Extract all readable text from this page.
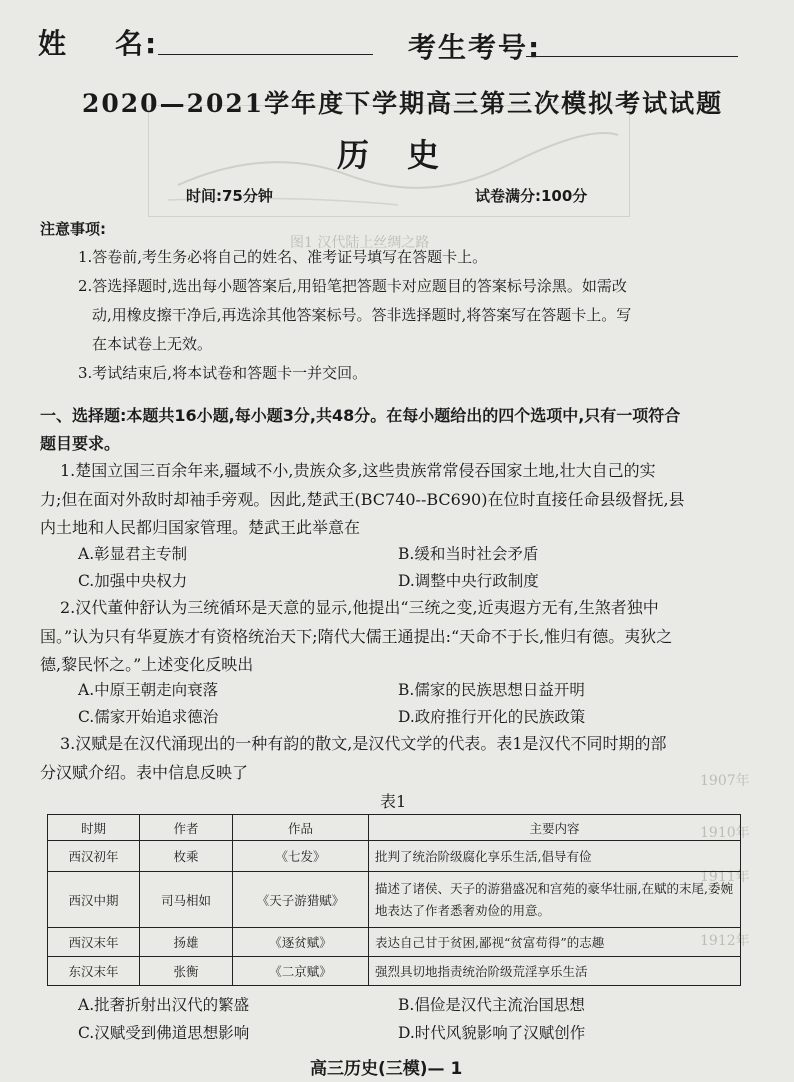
图1 汉代陆上丝绸之路
1907年
1910年
1911年
1912年
姓    名:	考生考号:
2020—2021学年度下学期高三第三次模拟考试试题
历史
时间:75分钟	试卷满分:100分
注意事项:
1.答卷前,考生务必将自己的姓名、准考证号填写在答题卡上。
2.答选择题时,选出每小题答案后,用铅笔把答题卡对应题目的答案标号涂黑。如需改
动,用橡皮擦干净后,再选涂其他答案标号。答非选择题时,将答案写在答题卡上。写
在本试卷上无效。
3.考试结束后,将本试卷和答题卡一并交回。
一、选择题:本题共16小题,每小题3分,共48分。在每小题给出的四个选项中,只有一项符合
题目要求。
1.楚国立国三百余年来,疆域不小,贵族众多,这些贵族常常侵吞国家土地,壮大自己的实
力;但在面对外敌时却袖手旁观。因此,楚武王(BC740--BC690)在位时直接任命县级督抚,县
内土地和人民都归国家管理。楚武王此举意在
A.彰显君主专制	B.缓和当时社会矛盾
C.加强中央权力	D.调整中央行政制度
2.汉代董仲舒认为三统循环是天意的显示,他提出“三统之变,近夷遐方无有,生煞者独中
国。”认为只有华夏族才有资格统治天下;隋代大儒王通提出:“天命不于长,惟归有德。夷狄之
德,黎民怀之。”上述变化反映出
A.中原王朝走向衰落	B.儒家的民族思想日益开明
C.儒家开始追求德治	D.政府推行开化的民族政策
3.汉赋是在汉代涌现出的一种有韵的散文,是汉代文学的代表。表1是汉代不同时期的部
分汉赋介绍。表中信息反映了
表1
时期	作者	作品	主要内容
西汉初年	枚乘	《七发》	批判了统治阶级腐化享乐生活,倡导有俭
西汉中期	司马相如	《天子游猎赋》	描述了诸侯、天子的游猎盛况和宫苑的豪华壮丽,在赋的末尾,委婉地表达了作者悉奢劝俭的用意。
西汉末年	扬雄	《逐贫赋》	表达自己甘于贫困,鄙视“贫富苟得”的志趣
东汉末年	张衡	《二京赋》	强烈具切地指责统治阶级荒淫享乐生活
A.批奢折射出汉代的繁盛	B.倡俭是汉代主流治国思想
C.汉赋受到佛道思想影响	D.时代风貌影响了汉赋创作
高三历史(三模)— 1
